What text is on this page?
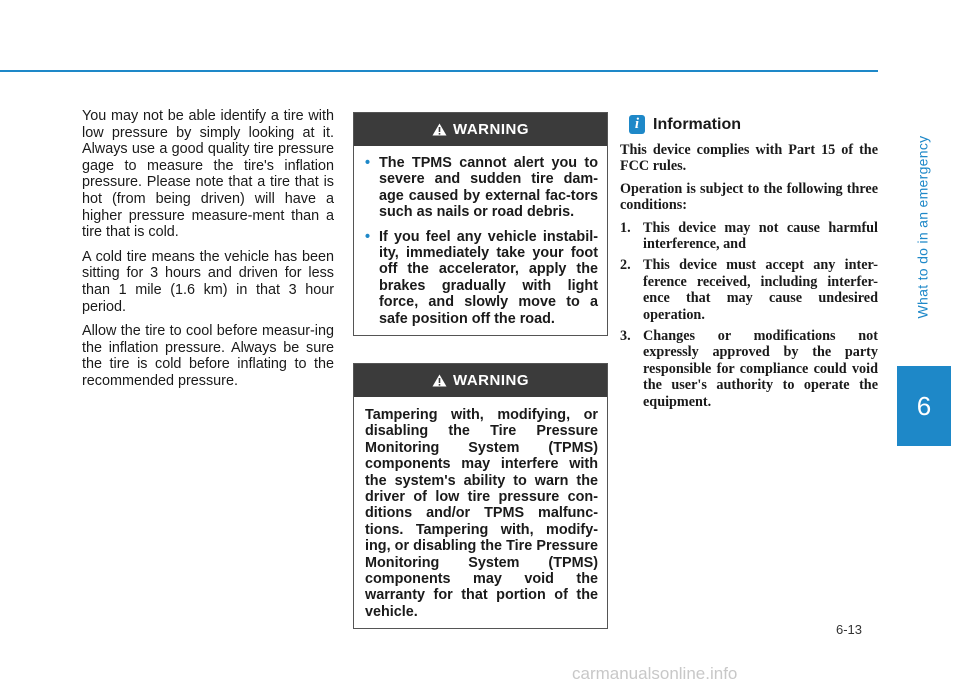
What to do in an emergency
6

You may not be able identify a tire with low pressure by simply looking at it. Always use a good quality tire pressure gage to measure the tire's inflation pressure. Please note that a tire that is hot (from being driven) will have a higher pressure measure-ment than a tire that is cold.

A cold tire means the vehicle has been sitting for 3 hours and driven for less than 1 mile (1.6 km) in that 3 hour period.

Allow the tire to cool before measur-ing the inflation pressure. Always be sure the tire is cold before inflating to the recommended pressure.

WARNING
• The TPMS cannot alert you to severe and sudden tire dam-age caused by external fac-tors such as nails or road debris.
• If you feel any vehicle instabil-ity, immediately take your foot off the accelerator, apply the brakes gradually with light force, and slowly move to a safe position off the road.
WARNING
Tampering with, modifying, or disabling the Tire Pressure Monitoring System (TPMS) components may interfere with the system's ability to warn the driver of low tire pressure con-ditions and/or TPMS malfunc-tions. Tampering with, modify-ing, or disabling the Tire Pressure Monitoring System (TPMS) components may void the warranty for that portion of the vehicle.
i Information

This device complies with Part 15 of the FCC rules.

Operation is subject to the following three conditions:

1. This device may not cause harmful interference, and
2. This device must accept any inter-ference received, including interfer-ence that may cause undesired operation.
3. Changes or modifications not expressly approved by the party responsible for compliance could void the user's authority to operate the equipment.
6-13
carmanualsonline.info
